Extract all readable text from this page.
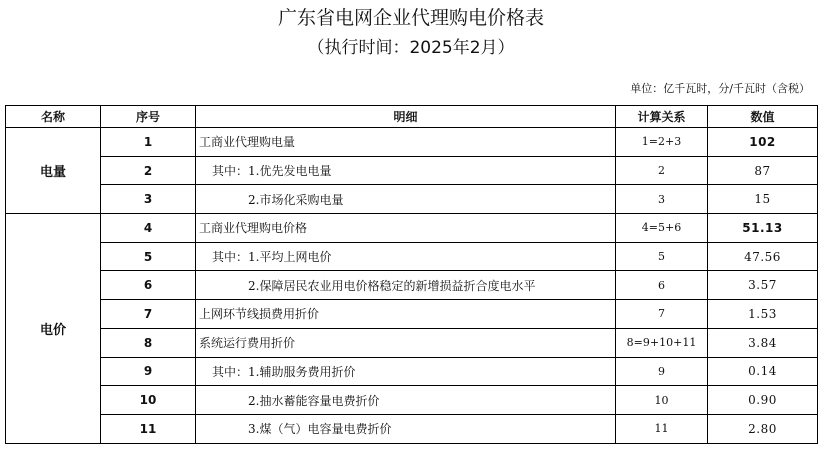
广东省电网企业代理购电价格表
（执行时间：2025年2月）
单位：亿千瓦时，分/千瓦时（含税）
名称	序号	明细	计算关系	数值
电量	1	工商业代理购电量	1=2+3	102
	2	其中：1.优先发电电量	2	87
	3	2.市场化采购电量	3	15
电价	4	工商业代理购电价格	4=5+6	51.13
	5	其中：1.平均上网电价	5	47.56
	6	2.保障居民农业用电价格稳定的新增损益折合度电水平	6	3.57
	7	上网环节线损费用折价	7	1.53
	8	系统运行费用折价	8=9+10+11	3.84
	9	其中：1.辅助服务费用折价	9	0.14
	10	2.抽水蓄能容量电费折价	10	0.90
	11	3.煤（气）电容量电费折价	11	2.80
